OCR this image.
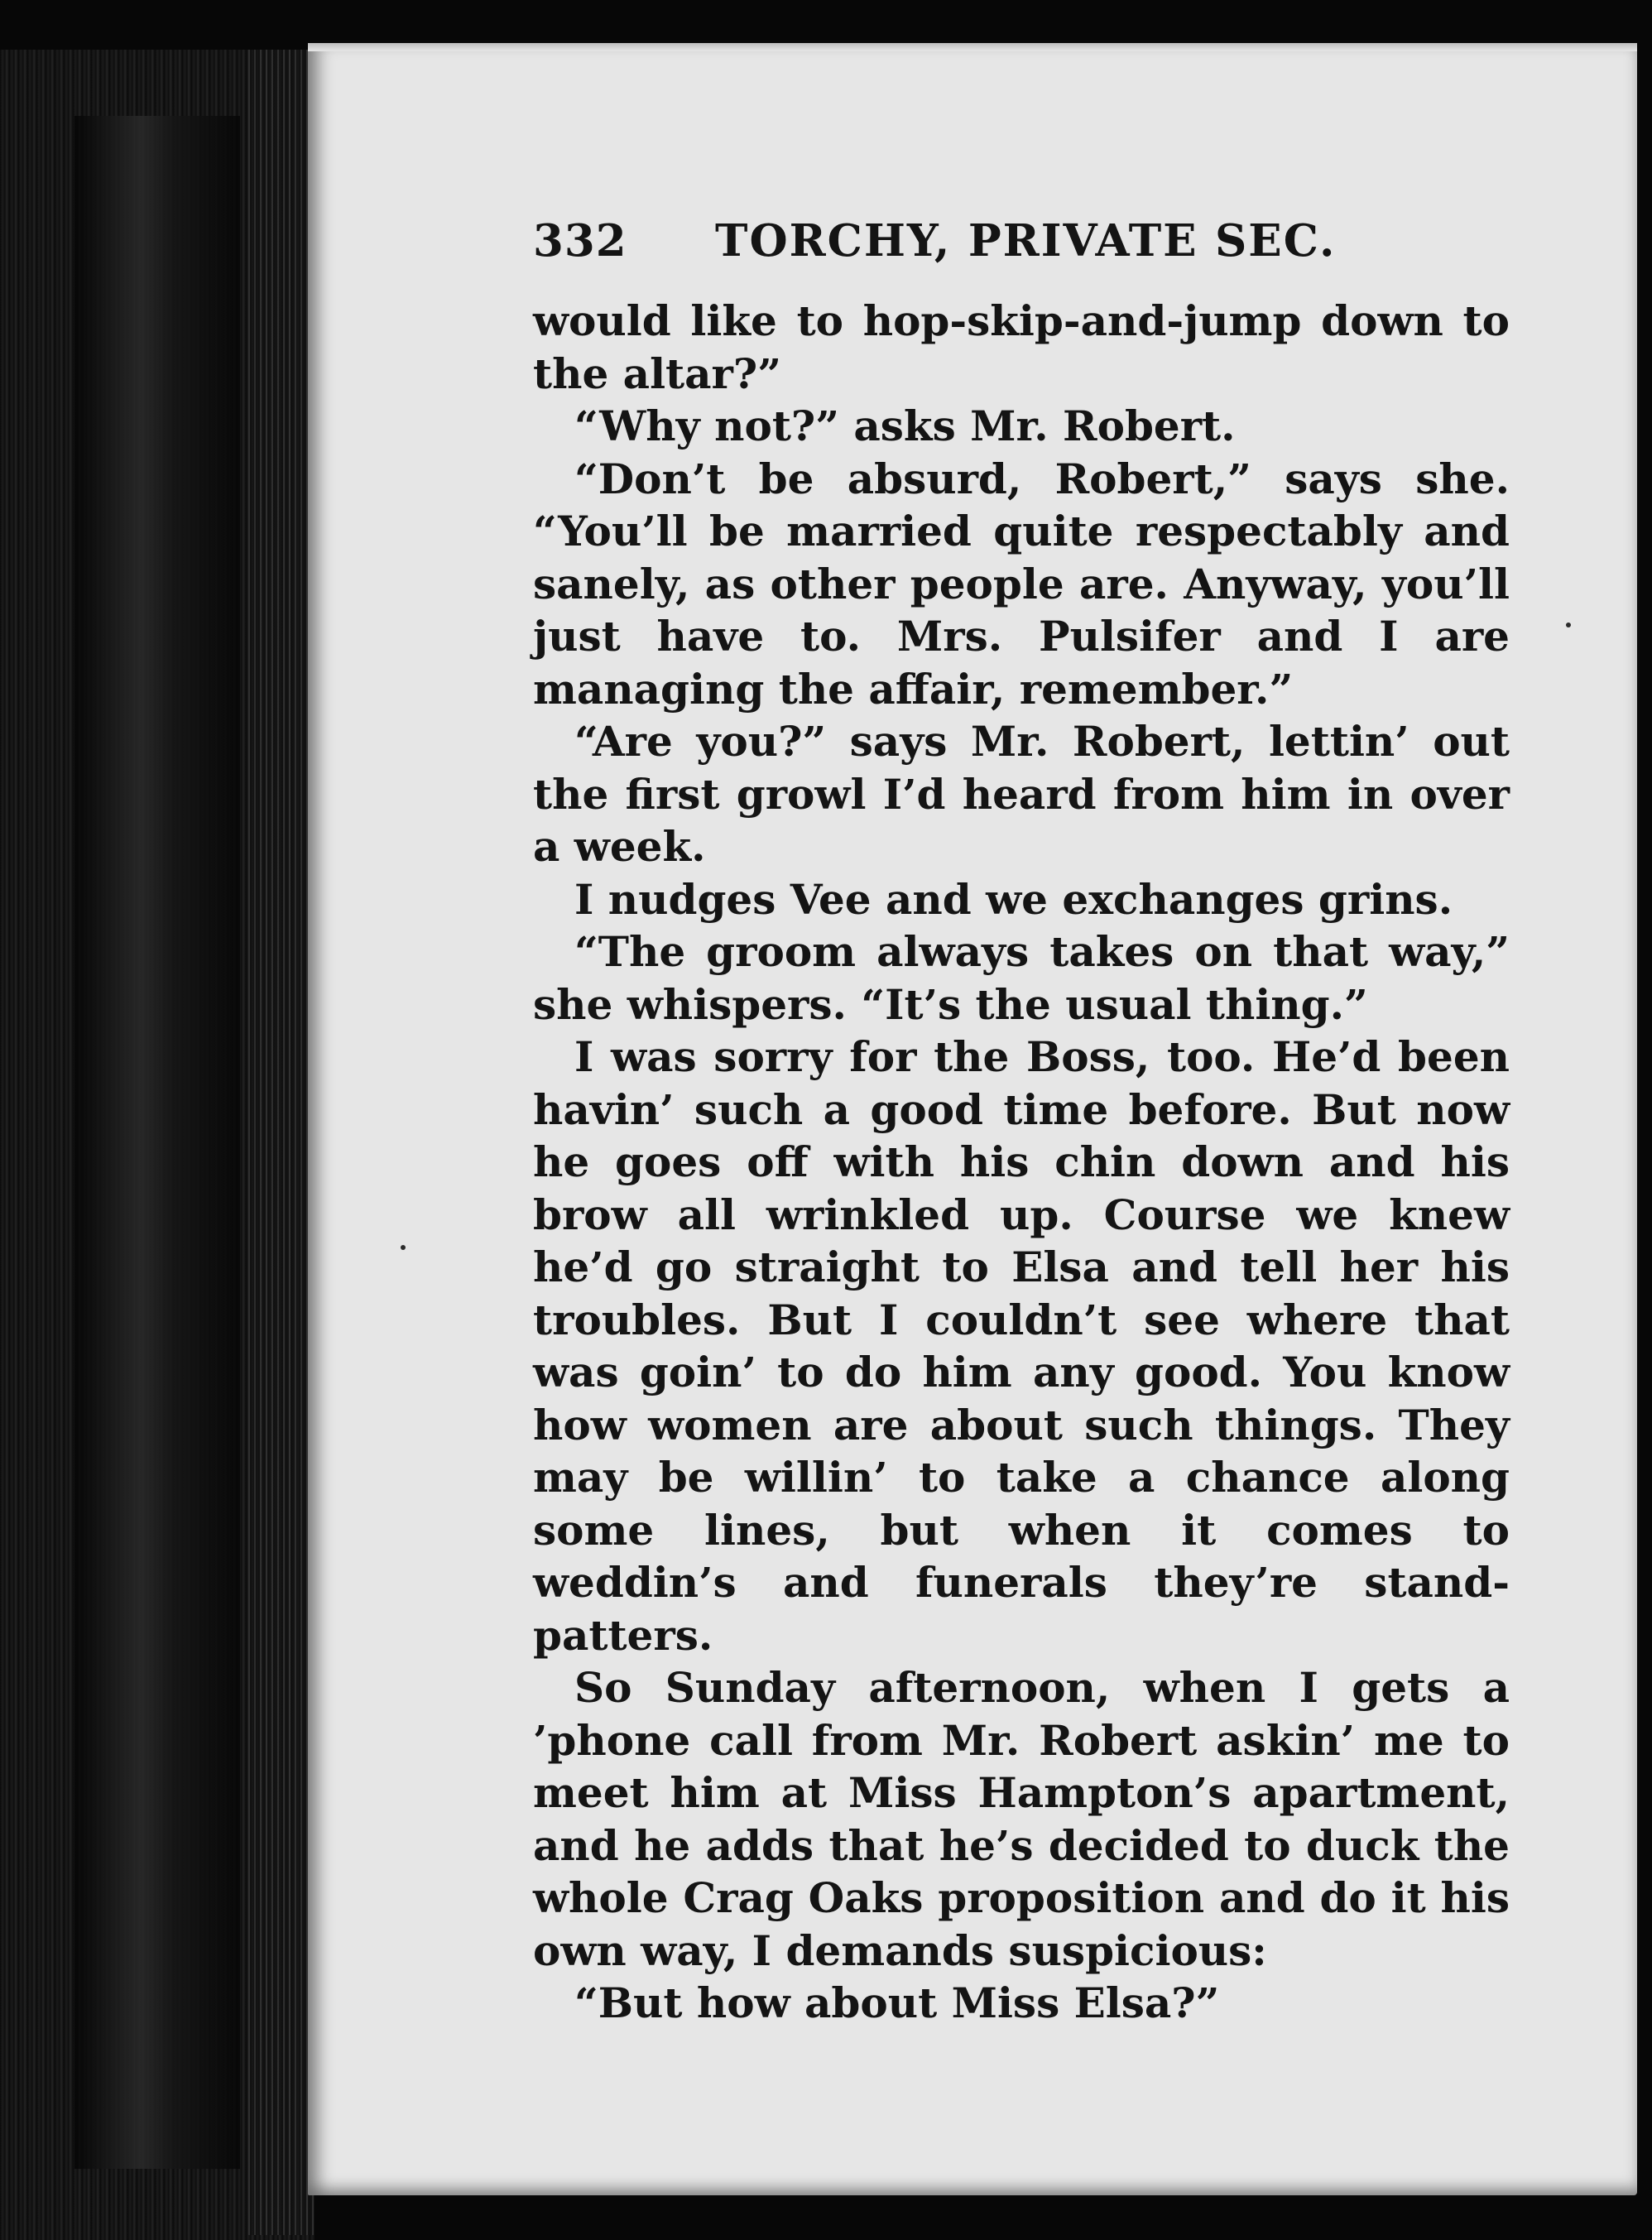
332	TORCHY, PRIVATE SEC.

would like to hop-skip-and-jump down to the altar?”

“Why not?” asks Mr. Robert.

“Don’t be absurd, Robert,” says she. “You’ll be married quite respectably and sanely, as other people are. Anyway, you’ll just have to. Mrs. Pulsifer and I are managing the affair, remember.”

“Are you?” says Mr. Robert, lettin’ out the first growl I’d heard from him in over a week.

I nudges Vee and we exchanges grins.

“The groom always takes on that way,” she whispers. “It’s the usual thing.”

I was sorry for the Boss, too. He’d been havin’ such a good time before. But now he goes off with his chin down and his brow all wrinkled up. Course we knew he’d go straight to Elsa and tell her his troubles. But I couldn’t see where that was goin’ to do him any good. You know how women are about such things. They may be willin’ to take a chance along some lines, but when it comes to weddin’s and funerals they’re stand-patters.

So Sunday afternoon, when I gets a ’phone call from Mr. Robert askin’ me to meet him at Miss Hampton’s apartment, and he adds that he’s decided to duck the whole Crag Oaks proposition and do it his own way, I demands suspicious:

“But how about Miss Elsa?”
